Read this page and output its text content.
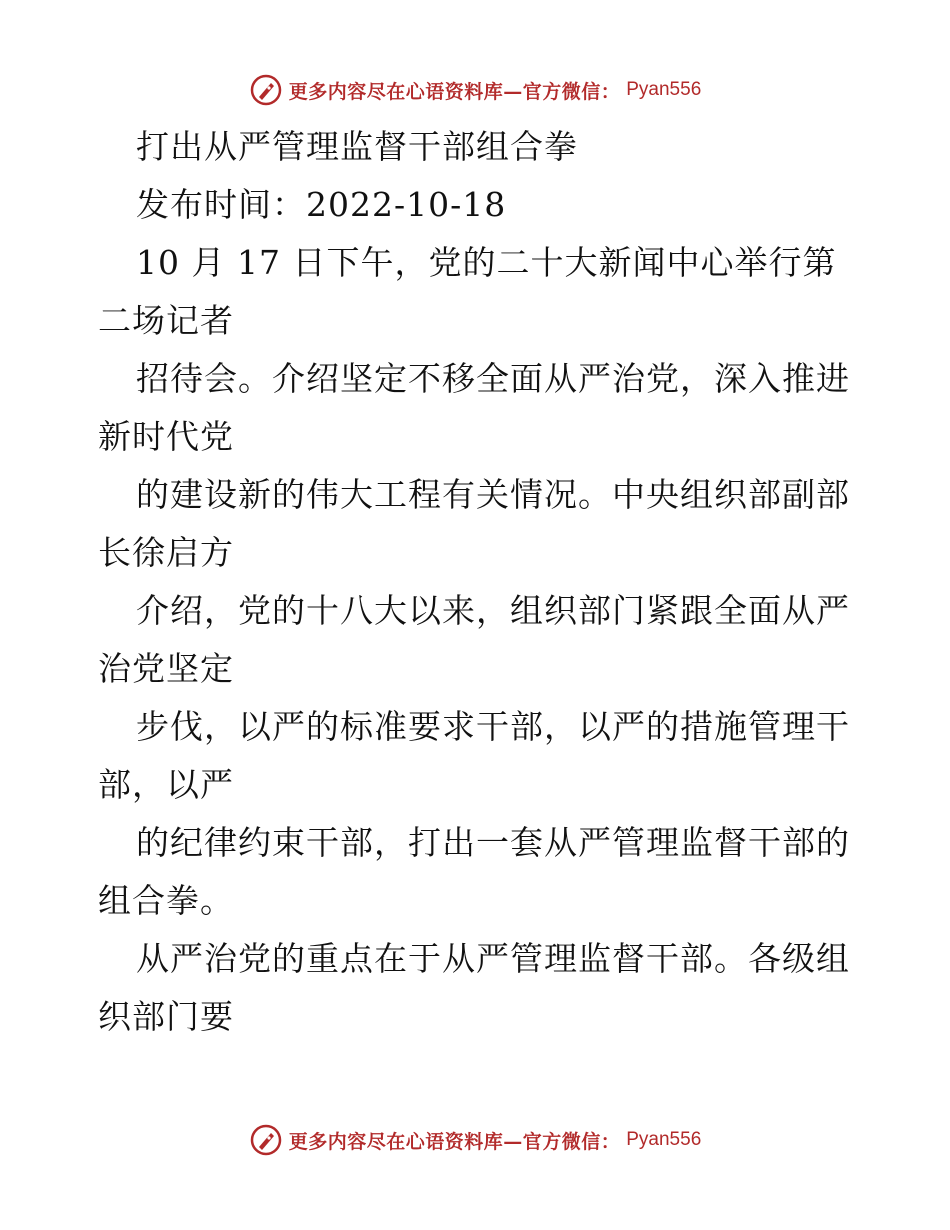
更多内容尽在心语资料库—官方微信： Pyan556
打出从严管理监督干部组合拳
发布时间：2022-10-18
10 月 17 日下午，党的二十大新闻中心举行第
二场记者
招待会。介绍坚定不移全面从严治党，深入推进
新时代党
的建设新的伟大工程有关情况。中央组织部副部
长徐启方
介绍，党的十八大以来，组织部门紧跟全面从严
治党坚定
步伐，以严的标准要求干部，以严的措施管理干
部，以严
的纪律约束干部，打出一套从严管理监督干部的
组合拳。
从严治党的重点在于从严管理监督干部。各级组
织部门要
更多内容尽在心语资料库—官方微信： Pyan556
